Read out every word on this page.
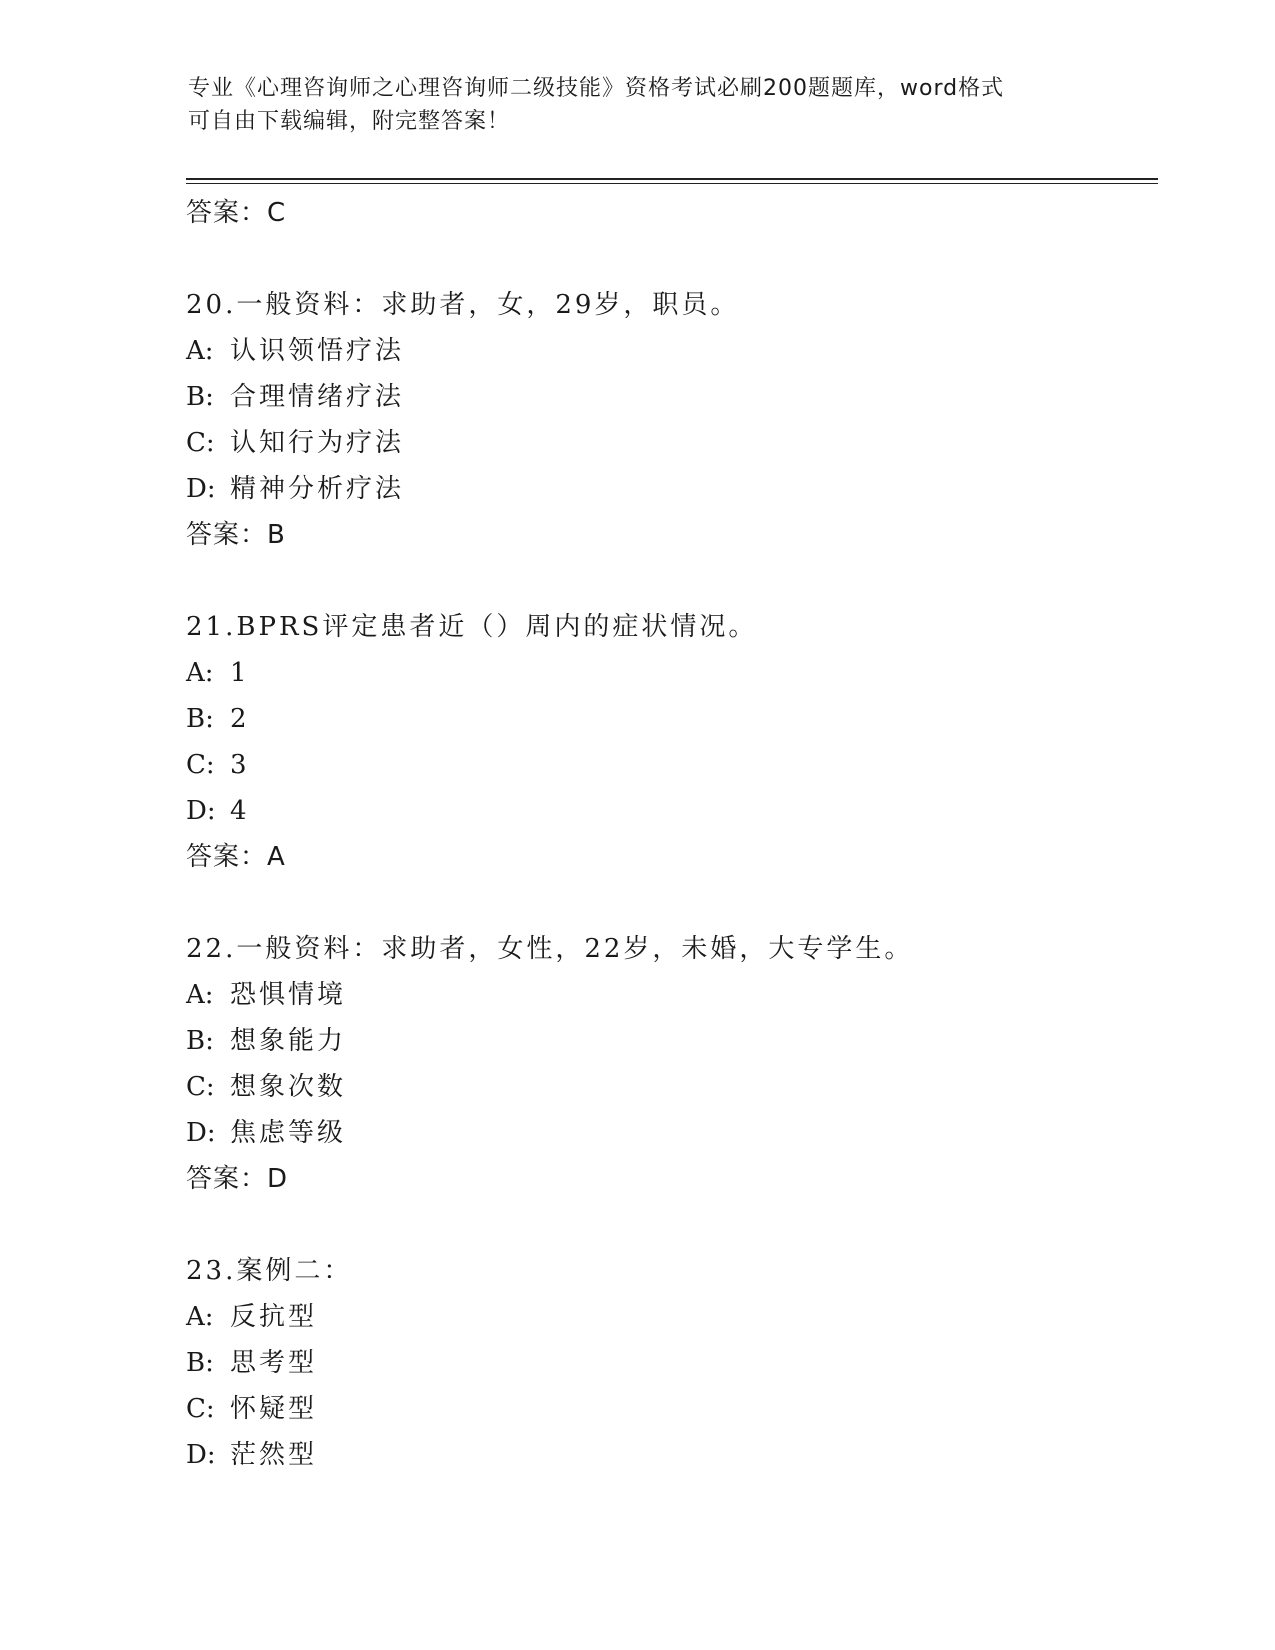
专业《心理咨询师之心理咨询师二级技能》资格考试必刷200题题库，word格式
可自由下载编辑，附完整答案！
答案：C
20.一般资料：求助者，女，29岁，职员。
A: 认识领悟疗法
B: 合理情绪疗法
C: 认知行为疗法
D: 精神分析疗法
答案：B
21.BPRS评定患者近（）周内的症状情况。
A: 1
B: 2
C: 3
D: 4
答案：A
22.一般资料：求助者，女性，22岁，未婚，大专学生。
A: 恐惧情境
B: 想象能力
C: 想象次数
D: 焦虑等级
答案：D
23.案例二：
A: 反抗型
B: 思考型
C: 怀疑型
D: 茫然型
